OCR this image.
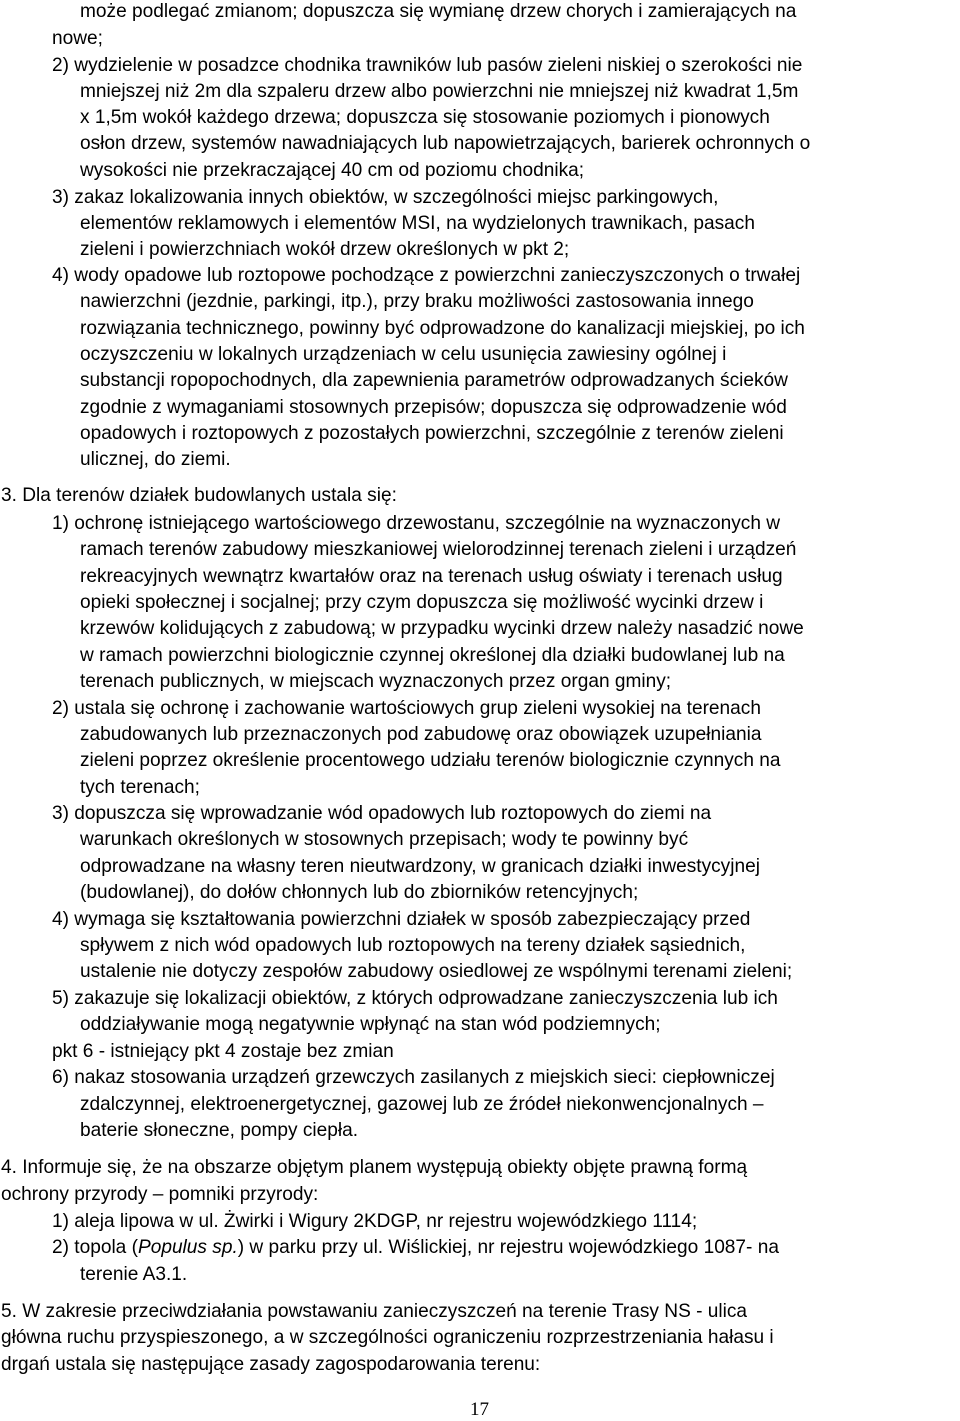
może podlegać zmianom; dopuszcza się wymianę drzew chorych i zamierających na
nowe;
2) wydzielenie w posadzce chodnika trawników lub pasów zieleni niskiej o szerokości nie
mniejszej niż 2m dla szpaleru drzew albo powierzchni nie mniejszej niż kwadrat 1,5m
x 1,5m wokół każdego drzewa; dopuszcza się stosowanie poziomych i pionowych
osłon drzew, systemów nawadniających lub napowietrzających, barierek ochronnych o
wysokości nie przekraczającej 40 cm od poziomu chodnika;
3) zakaz lokalizowania innych obiektów, w szczególności miejsc parkingowych,
elementów reklamowych i elementów MSI, na wydzielonych trawnikach, pasach
zieleni i powierzchniach wokół drzew określonych w pkt 2;
4) wody opadowe lub roztopowe pochodzące z powierzchni zanieczyszczonych o trwałej
nawierzchni (jezdnie, parkingi, itp.), przy braku możliwości zastosowania innego
rozwiązania technicznego, powinny być odprowadzone do kanalizacji miejskiej, po ich
oczyszczeniu w lokalnych urządzeniach w celu usunięcia zawiesiny ogólnej i
substancji ropopochodnych, dla zapewnienia parametrów odprowadzanych ścieków
zgodnie z wymaganiami stosownych przepisów; dopuszcza się odprowadzenie wód
opadowych i roztopowych z pozostałych powierzchni, szczególnie z terenów zieleni
ulicznej, do ziemi.
3. Dla terenów działek budowlanych ustala się:
1) ochronę istniejącego wartościowego drzewostanu, szczególnie na wyznaczonych w
ramach terenów zabudowy mieszkaniowej wielorodzinnej terenach zieleni i urządzeń
rekreacyjnych wewnątrz kwartałów oraz na terenach usług oświaty i terenach usług
opieki społecznej i socjalnej; przy czym dopuszcza się możliwość wycinki drzew i
krzewów kolidujących z zabudową; w przypadku wycinki drzew należy nasadzić nowe
w ramach powierzchni biologicznie czynnej określonej dla działki budowlanej lub na
terenach publicznych, w miejscach wyznaczonych przez organ gminy;
2) ustala się ochronę i zachowanie wartościowych grup zieleni wysokiej na terenach
zabudowanych lub przeznaczonych pod zabudowę oraz obowiązek uzupełniania
zieleni poprzez określenie procentowego udziału terenów biologicznie czynnych na
tych terenach;
3) dopuszcza się wprowadzanie wód opadowych lub roztopowych do ziemi na
warunkach określonych w stosownych przepisach; wody te powinny być
odprowadzane na własny teren nieutwardzony, w granicach działki inwestycyjnej
(budowlanej), do dołów chłonnych lub do zbiorników retencyjnych;
4) wymaga się kształtowania powierzchni działek w sposób zabezpieczający przed
spływem z nich wód opadowych lub roztopowych na tereny działek sąsiednich,
ustalenie nie dotyczy zespołów zabudowy osiedlowej ze wspólnymi terenami zieleni;
5) zakazuje się lokalizacji obiektów, z których odprowadzane zanieczyszczenia lub ich
oddziaływanie mogą negatywnie wpłynąć na stan wód podziemnych;
pkt 6 - istniejący pkt 4 zostaje bez zmian
6) nakaz stosowania urządzeń grzewczych zasilanych z miejskich sieci: ciepłowniczej
zdalczynnej, elektroenergetycznej, gazowej lub ze źródeł niekonwencjonalnych –
baterie słoneczne, pompy ciepła.
4. Informuje się, że na obszarze objętym planem występują obiekty objęte prawną formą
ochrony przyrody – pomniki przyrody:
1) aleja lipowa w ul. Żwirki i Wigury 2KDGP, nr rejestru wojewódzkiego 1114;
2) topola (Populus sp.) w parku przy ul. Wiślickiej, nr rejestru wojewódzkiego 1087- na
terenie A3.1.
5. W zakresie przeciwdziałania powstawaniu zanieczyszczeń na terenie Trasy NS - ulica
główna ruchu przyspieszonego, a w szczególności ograniczeniu rozprzestrzeniania hałasu i
drgań ustala się następujące zasady zagospodarowania terenu:
17
